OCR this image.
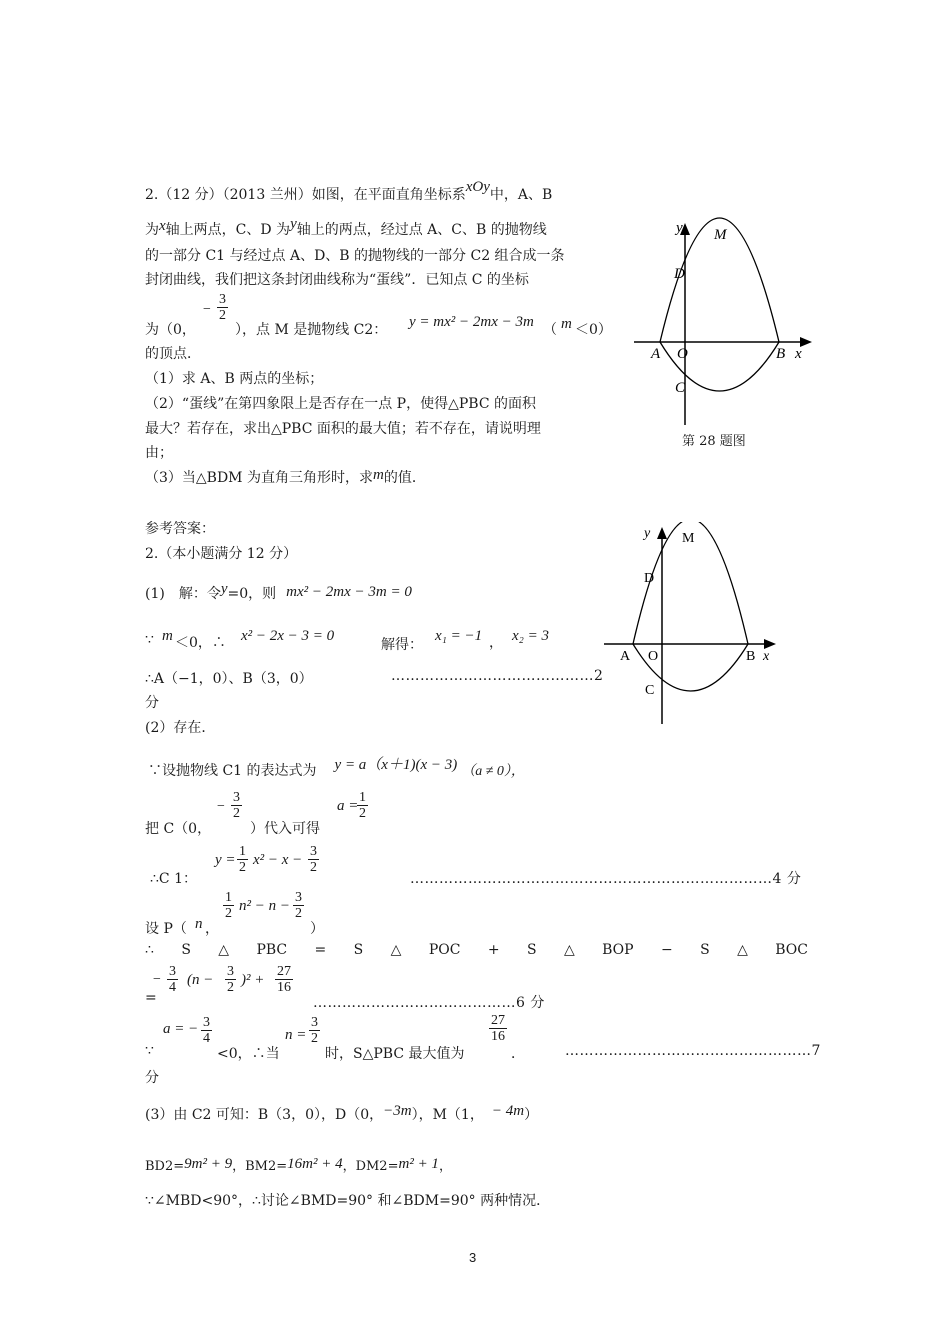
2.（12 分）（2013 兰州）如图，在平面直角坐标系xOy中，A、B
为x轴上两点，C、D 为y轴上的两点，经过点 A、C、B 的抛物线
的一部分 C1 与经过点 A、D、B 的抛物线的一部分 C2 组合成一条
封闭曲线，我们把这条封闭曲线称为“蛋线”．已知点 C 的坐标
为（0，
− $\frac{3}{2}$
），点 M 是抛物线 C2： y = mx² − 2mx − 3m （ m ＜0）
的顶点．
（1）求 A、B 两点的坐标；
（2）“蛋线”在第四象限上是否存在一点 P，使得△PBC 的面积
最大？若存在，求出△PBC 面积的最大值；若不存在，请说明理
由；
（3）当△BDM 为直角三角形时，求m的值．
y M
D
A O	B x
C
第 28 题图
参考答案：
2.（本小题满分 12 分）
(1)　解：令y=0，则 mx² − 2mx − 3m = 0
∵ m ＜0，∴ x² − 2x − 3 = 0
解得：
x₁ = −1 ， x₂ = 3
∴A（−1，0）、B（3，0）	……………………………………2
分
(2）存在．
∵设抛物线 C1 的表达式为 y = a（x＋1)(x − 3) （a ≠ 0），
把 C（0，
− $\frac{3}{2}$
）代入可得
a =
$\frac{1}{2}$
∴C 1：
$y = \frac{1}{2} x^2 - x - \frac{3}{2}$
…………………………………………………………………4 分
设 P（ n ，
$\frac{1}{2} n^2 - n - \frac{3}{2}$
）
∴ S △ PBC = S △ POC + S △ BOP − S △ BOC
=
− $\frac{3}{4} (n - \frac{3}{2} )^2 + \frac{27}{16}$
……………………………………6 分
∵
a = − $\frac{3}{4}$
<0，∴当
$n = \frac{3}{2}$
时，S△PBC 最大值为
$\frac{27}{16}$
．	……………………………………………7
分
(3）由 C2 可知：B（3，0），D（0，−3m），M（1， − 4m）
BD2=9m² + 9，BM2=16m² + 4，DM2=m² + 1，
∵∠MBD<90°，∴讨论∠BMD=90° 和∠BDM=90° 两种情况．
y M
D
A O	B x
C
3
